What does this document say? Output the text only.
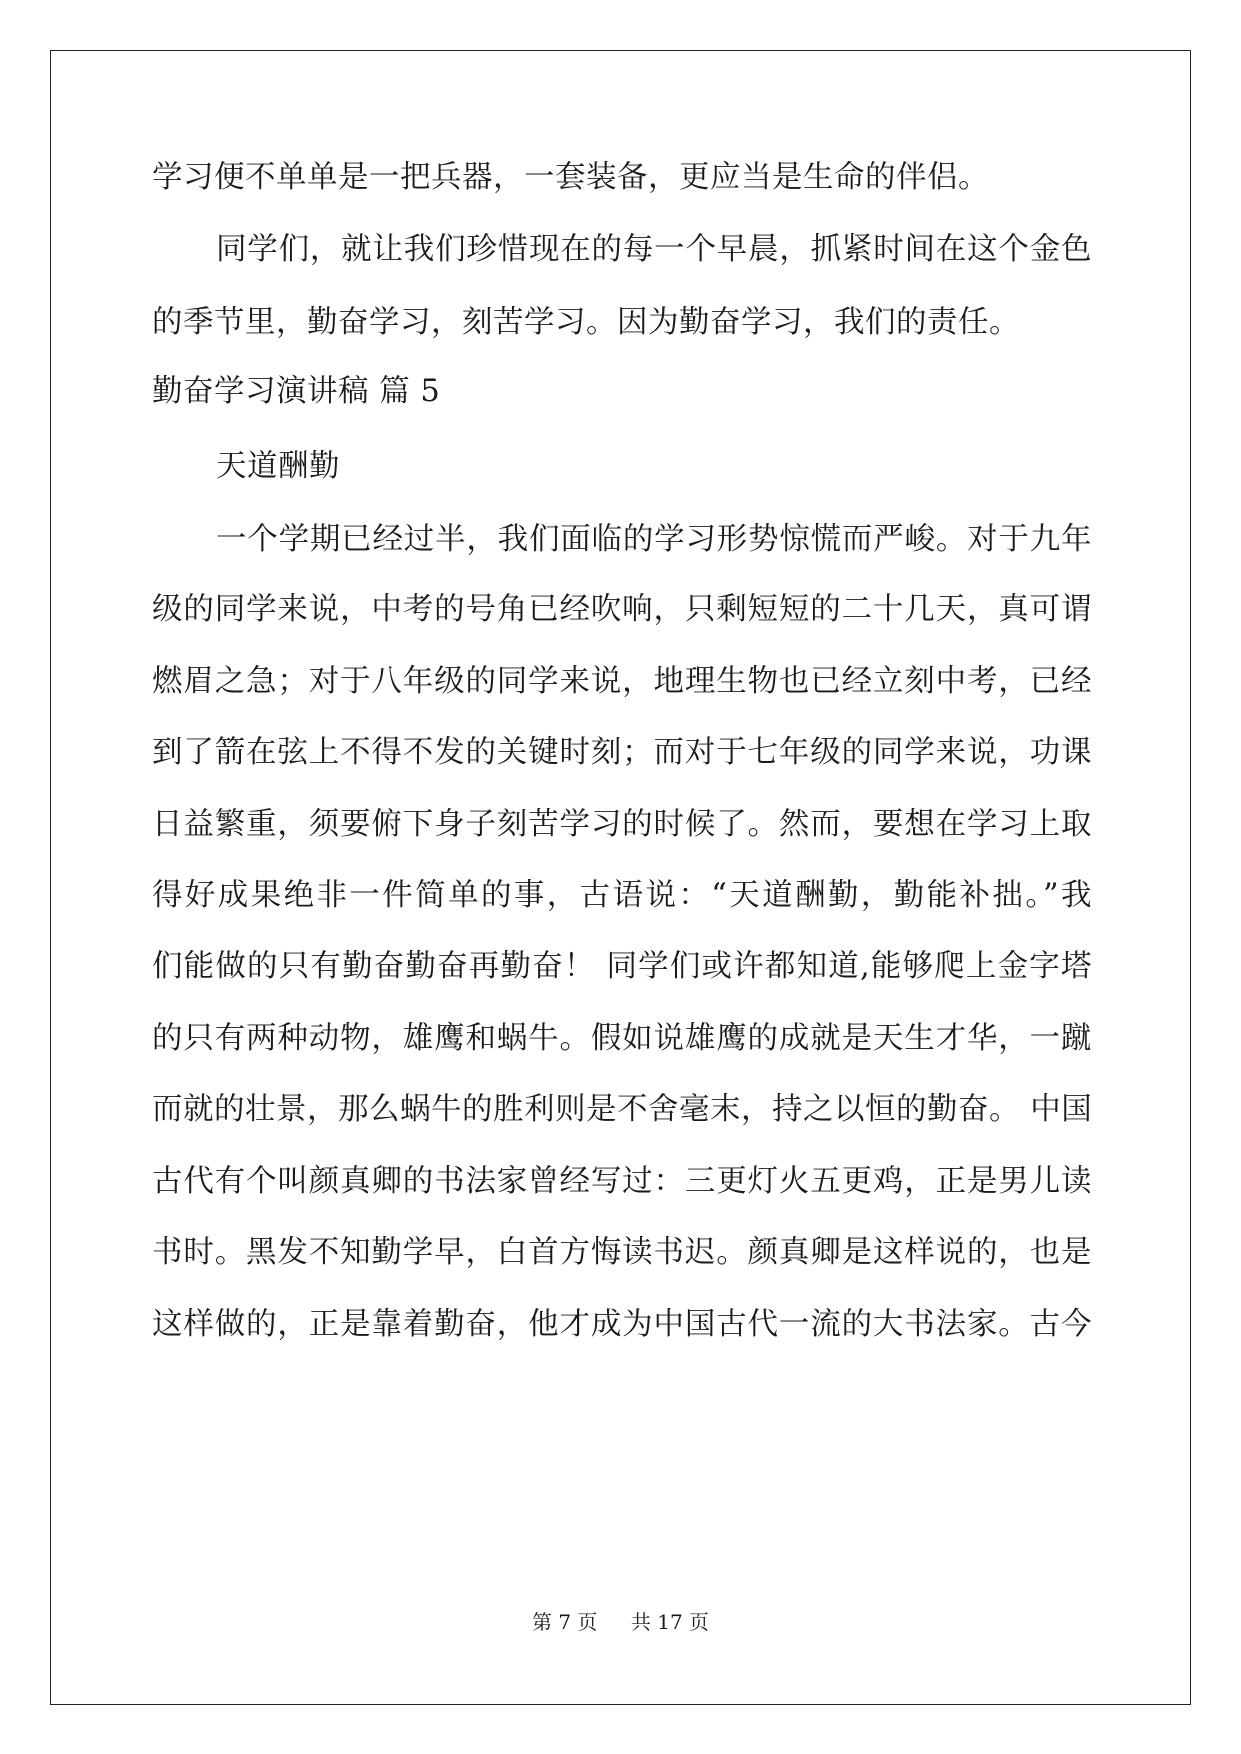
学习便不单单是一把兵器，一套装备，更应当是生命的伴侣。
同学们，就让我们珍惜现在的每一个早晨，抓紧时间在这个金色
的季节里，勤奋学习，刻苦学习。因为勤奋学习，我们的责任。
勤奋学习演讲稿 篇 5
天道酬勤
一个学期已经过半，我们面临的学习形势惊慌而严峻。对于九年
级的同学来说，中考的号角已经吹响，只剩短短的二十几天，真可谓
燃眉之急；对于八年级的同学来说，地理生物也已经立刻中考，已经
到了箭在弦上不得不发的关键时刻；而对于七年级的同学来说，功课
日益繁重，须要俯下身子刻苦学习的时候了。然而，要想在学习上取
得好成果绝非一件简单的事，古语说：“天道酬勤，勤能补拙。”我
们能做的只有勤奋勤奋再勤奋！ 同学们或许都知道,能够爬上金字塔
的只有两种动物，雄鹰和蜗牛。假如说雄鹰的成就是天生才华，一蹴
而就的壮景，那么蜗牛的胜利则是不舍毫末，持之以恒的勤奋。 中国
古代有个叫颜真卿的书法家曾经写过：三更灯火五更鸡，正是男儿读
书时。黑发不知勤学早，白首方悔读书迟。颜真卿是这样说的，也是
这样做的，正是靠着勤奋，他才成为中国古代一流的大书法家。古今
第 7 页 共 17 页
